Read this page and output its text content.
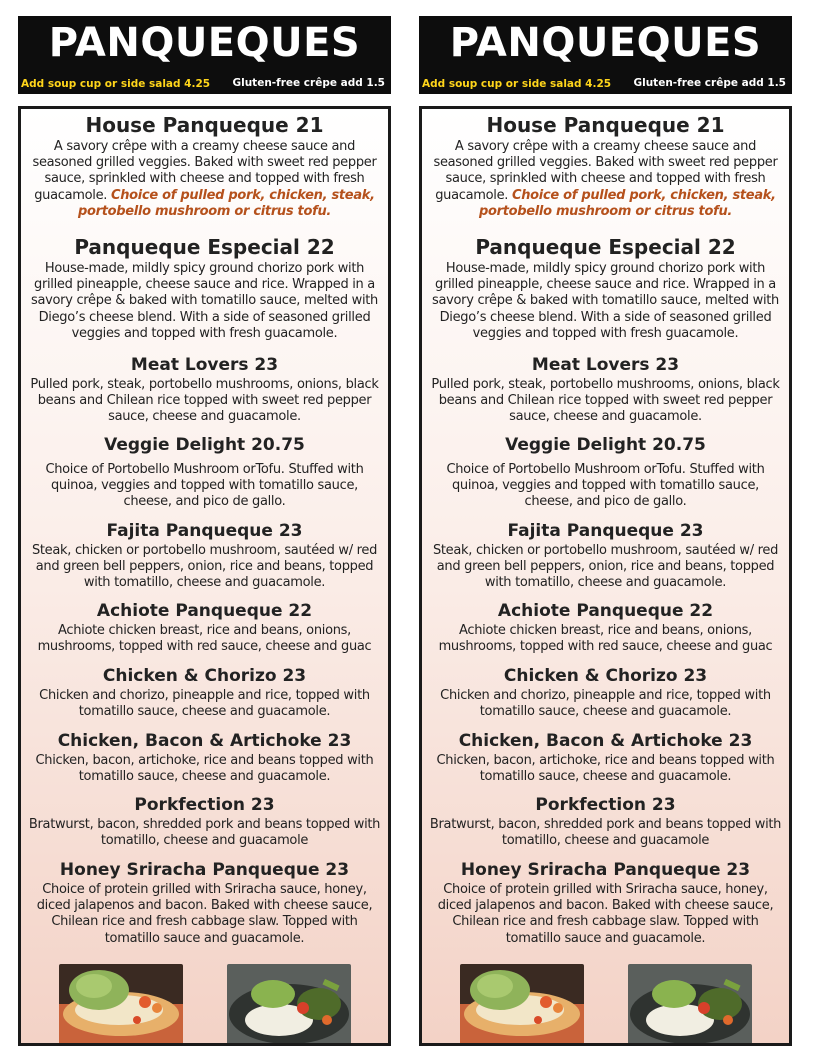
PANQUEQUES
Add soup cup or side salad 4.25 Gluten-free crêpe add 1.5
House Panqueque 21
A savory crêpe with a creamy cheese sauce and seasoned grilled veggies. Baked with sweet red pepper sauce, sprinkled with cheese and topped with fresh guacamole. Choice of pulled pork, chicken, steak, portobello mushroom or citrus tofu.
Panqueque Especial 22
House-made, mildly spicy ground chorizo pork with grilled pineapple, cheese sauce and rice. Wrapped in a savory crêpe & baked with tomatillo sauce, melted with Diego’s cheese blend. With a side of seasoned grilled veggies and topped with fresh guacamole.
Meat Lovers 23
Pulled pork, steak, portobello mushrooms, onions, black beans and Chilean rice topped with sweet red pepper sauce, cheese and guacamole.
Veggie Delight 20.75
Choice of Portobello Mushroom orTofu. Stuffed with quinoa, veggies and topped with tomatillo sauce, cheese, and pico de gallo.
Fajita Panqueque 23
Steak, chicken or portobello mushroom, sautéed w/ red and green bell peppers, onion, rice and beans, topped with tomatillo, cheese and guacamole.
Achiote Panqueque 22
Achiote chicken breast, rice and beans, onions, mushrooms, topped with red sauce, cheese and guac
Chicken & Chorizo 23
Chicken and chorizo, pineapple and rice, topped with tomatillo sauce, cheese and guacamole.
Chicken, Bacon & Artichoke 23
Chicken, bacon, artichoke, rice and beans topped with tomatillo sauce, cheese and guacamole.
Porkfection 23
Bratwurst, bacon, shredded pork and beans topped with tomatillo, cheese and guacamole
Honey Sriracha Panqueque 23
Choice of protein grilled with Sriracha sauce, honey, diced jalapenos and bacon. Baked with cheese sauce, Chilean rice and fresh cabbage slaw. Topped with tomatillo sauce and guacamole.
PANQUEQUES
Add soup cup or side salad 4.25 Gluten-free crêpe add 1.5
House Panqueque 21
A savory crêpe with a creamy cheese sauce and seasoned grilled veggies. Baked with sweet red pepper sauce, sprinkled with cheese and topped with fresh guacamole. Choice of pulled pork, chicken, steak, portobello mushroom or citrus tofu.
Panqueque Especial 22
House-made, mildly spicy ground chorizo pork with grilled pineapple, cheese sauce and rice. Wrapped in a savory crêpe & baked with tomatillo sauce, melted with Diego’s cheese blend. With a side of seasoned grilled veggies and topped with fresh guacamole.
Meat Lovers 23
Pulled pork, steak, portobello mushrooms, onions, black beans and Chilean rice topped with sweet red pepper sauce, cheese and guacamole.
Veggie Delight 20.75
Choice of Portobello Mushroom orTofu. Stuffed with quinoa, veggies and topped with tomatillo sauce, cheese, and pico de gallo.
Fajita Panqueque 23
Steak, chicken or portobello mushroom, sautéed w/ red and green bell peppers, onion, rice and beans, topped with tomatillo, cheese and guacamole.
Achiote Panqueque 22
Achiote chicken breast, rice and beans, onions, mushrooms, topped with red sauce, cheese and guac
Chicken & Chorizo 23
Chicken and chorizo, pineapple and rice, topped with tomatillo sauce, cheese and guacamole.
Chicken, Bacon & Artichoke 23
Chicken, bacon, artichoke, rice and beans topped with tomatillo sauce, cheese and guacamole.
Porkfection 23
Bratwurst, bacon, shredded pork and beans topped with tomatillo, cheese and guacamole
Honey Sriracha Panqueque 23
Choice of protein grilled with Sriracha sauce, honey, diced jalapenos and bacon. Baked with cheese sauce, Chilean rice and fresh cabbage slaw. Topped with tomatillo sauce and guacamole.
